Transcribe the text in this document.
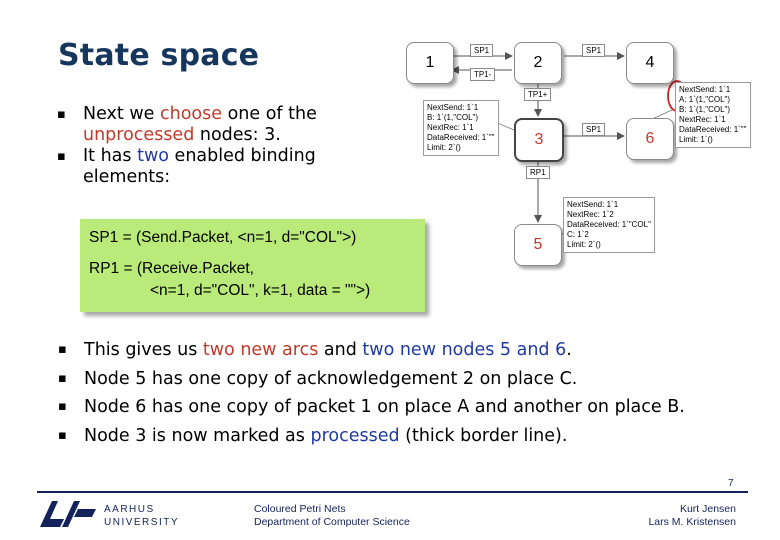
State space
▪ Next we choose one of the
unprocessed nodes: 3.
▪ It has two enabled binding
elements:
1	2	4
3	6
5
SP1
TP1-
SP1
TP1+
SP1
RP1
NextSend: 1`1
B: 1`(1,"COL")
NextRec: 1`1
DataReceived: 1`""
Limit: 2`()
NextSend: 1`1
A: 1`(1,"COL")
B: 1`(1,"COL")
NextRec: 1`1
DataReceived: 1`""
Limit: 1`()
NextSend: 1`1
NextRec: 1`2
DataReceived: 1`"COL"
C: 1`2
Limit: 2`()
SP1 = (Send.Packet, <n=1, d="COL">)
RP1 = (Receive.Packet,
<n=1, d="COL", k=1, data = "">)
▪ This gives us two new arcs and two new nodes 5 and 6.
▪ Node 5 has one copy of acknowledgement 2 on place C.
▪ Node 6 has one copy of packet 1 on place A and another on place B.
▪ Node 3 is now marked as processed (thick border line).
7
AARHUS
UNIVERSITY
Coloured Petri Nets
Department of Computer Science
Kurt Jensen
Lars M. Kristensen
